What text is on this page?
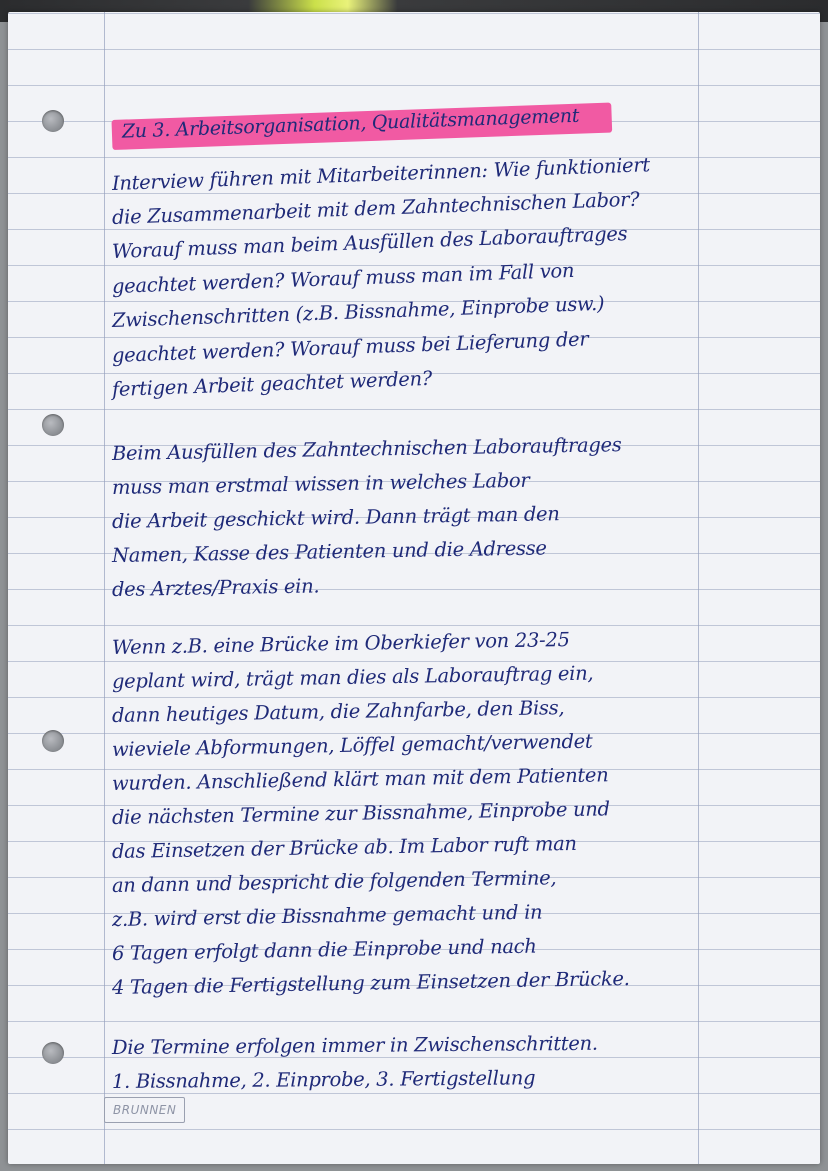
Zu 3. Arbeitsorganisation, Qualitätsmanagement
Interview führen mit Mitarbeiterinnen: Wie funktioniert
die Zusammenarbeit mit dem Zahntechnischen Labor?
Worauf muss man beim Ausfüllen des Laborauftrages
geachtet werden? Worauf muss man im Fall von
Zwischenschritten (z.B. Bissnahme, Einprobe usw.)
geachtet werden? Worauf muss bei Lieferung der
fertigen Arbeit geachtet werden?
Beim Ausfüllen des Zahntechnischen Laborauftrages
muss man erstmal wissen in welches Labor
die Arbeit geschickt wird. Dann trägt man den
Namen, Kasse des Patienten und die Adresse
des Arztes/Praxis ein.
Wenn z.B. eine Brücke im Oberkiefer von 23-25
geplant wird, trägt man dies als Laborauftrag ein,
dann heutiges Datum, die Zahnfarbe, den Biss,
wieviele Abformungen, Löffel gemacht/verwendet
wurden. Anschließend klärt man mit dem Patienten
die nächsten Termine zur Bissnahme, Einprobe und
das Einsetzen der Brücke ab. Im Labor ruft man
an dann und bespricht die folgenden Termine,
z.B. wird erst die Bissnahme gemacht und in
6 Tagen erfolgt dann die Einprobe und nach
4 Tagen die Fertigstellung zum Einsetzen der Brücke.
Die Termine erfolgen immer in Zwischenschritten.
1. Bissnahme, 2. Einprobe, 3. Fertigstellung
BRUNNEN
